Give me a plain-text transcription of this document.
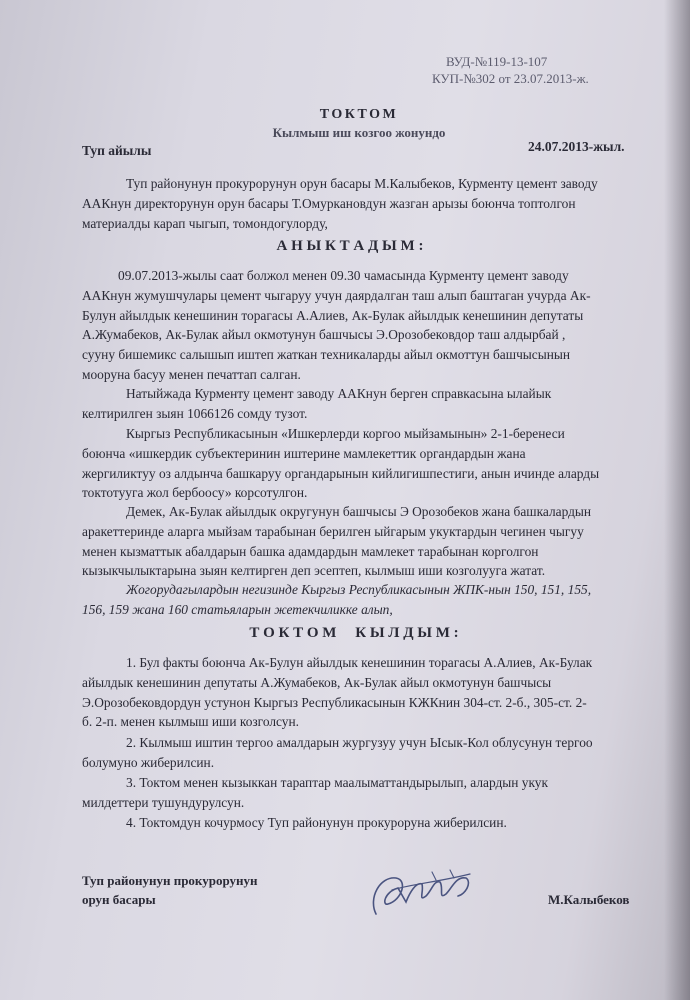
ВУД-№119-13-107
КУП-№302 от 23.07.2013-ж.
ТОКТОМ
Кылмыш иш козгоо жонундо
Туп айылы	24.07.2013-жыл.
Туп районунун прокурорунун орун басары М.Калыбеков, Курменту цемент заводу
ААКнун директорунун орун басары Т.Омуркановдун жазган арызы боюнча топтолгон
материалды карап чыгып, томондогулорду,
А Н Ы К Т А Д Ы М :
09.07.2013-жылы саат болжол менен 09.30 чамасында Курменту цемент заводу
ААКнун жумушчулары цемент чыгаруу учун даярдалган таш алып баштаган учурда Ак-
Булун айылдык кенешинин торагасы А.Алиев, Ак-Булак айылдык кенешинин депутаты
А.Жумабеков, Ак-Булак айыл окмотунун башчысы Э.Орозобековдор таш алдырбай ,
сууну бишемикс салышып иштеп жаткан техникаларды айыл окмоттун башчысынын
мооруна басуу менен печаттап салган.
Натыйжада Курменту цемент заводу ААКнун берген справкасына ылайык
келтирилген зыян 1066126 сомду тузот.
Кыргыз Республикасынын «Ишкерлерди коргоо мыйзамынын» 2-1-беренеси
боюнча «ишкердик субъектеринин иштерине мамлекеттик органдардын жана
жергиликтуу оз алдынча башкаруу органдарынын кийлигишпестиги, анын ичинде аларды
токтотууга жол бербоосу» корсотулгон.
Демек, Ак-Булак айылдык округунун башчысы Э Орозобеков жана башкалардын
аракеттеринде аларга мыйзам тарабынан берилген ыйгарым укуктардын чегинен чыгуу
менен кызматтык абалдарын башка адамдардын мамлекет тарабынан корголгон
кызыкчылыктарына зыян келтирген деп эсептеп, кылмыш иши козголууга жатат.
Жогорудагылардын негизинде Кыргыз Республикасынын ЖПК-нын 150, 151, 155,
156, 159 жана 160 статьяларын жетекчиликке алып,
Т О К Т О М     К Ы Л Д Ы М :
1. Бул факты боюнча Ак-Булун айылдык кенешинин торагасы А.Алиев, Ак-Булак
айылдык кенешинин депутаты А.Жумабеков, Ак-Булак айыл окмотунун башчысы
Э.Орозобековдордун устунон Кыргыз Республикасынын КЖКнин 304-ст. 2-б., 305-ст. 2-
б. 2-п. менен кылмыш иши козголсун.
2. Кылмыш иштин тергоо амалдарын жургузуу учун Ысык-Кол облусунун тергоо
болумуно жиберилсин.
3. Токтом менен кызыккан тараптар маалыматтандырылып, алардын укук
милдеттери тушундурулсун.
4. Токтомдун кочурмосу Туп районунун прокуроруна жиберилсин.
Туп районунун прокурорунун
орун басары	М.Калыбеков
